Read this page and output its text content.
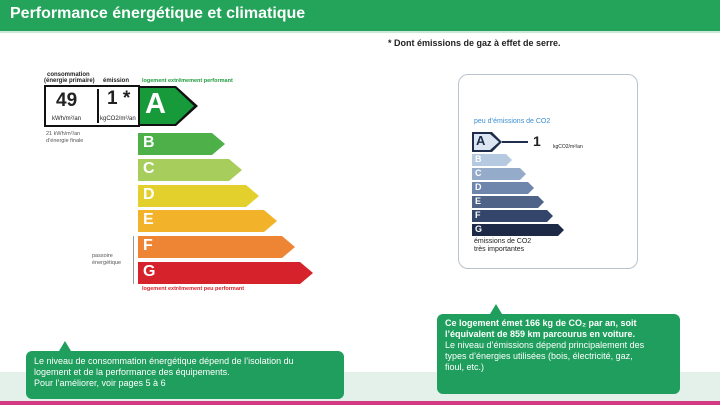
Performance énergétique et climatique
* Dont émissions de gaz à effet de serre.
consommation
(énergie primaire) émission logement extrêmement performant
49
kWh/m²/an
1 *
kgCO2/m²/an A
21 kWh/m²/an
d’énergie finale	B
C
D
E
F
G
passoire
énergétique
logement extrêmement peu performant
peu d’émissions de CO2
A	1 kgCO2/m²/an
B
C
D
E
F
G
émissions de CO2
très importantes
Le niveau de consommation énergétique dépend de l’isolation du
logement et de la performance des équipements.
Pour l’améliorer, voir pages 5 à 6
Ce logement émet 166 kg de CO₂ par an, soit
l’équivalent de 859 km parcourus en voiture.
Le niveau d’émissions dépend principalement des
types d’énergies utilisées (bois, électricité, gaz,
fioul, etc.)
